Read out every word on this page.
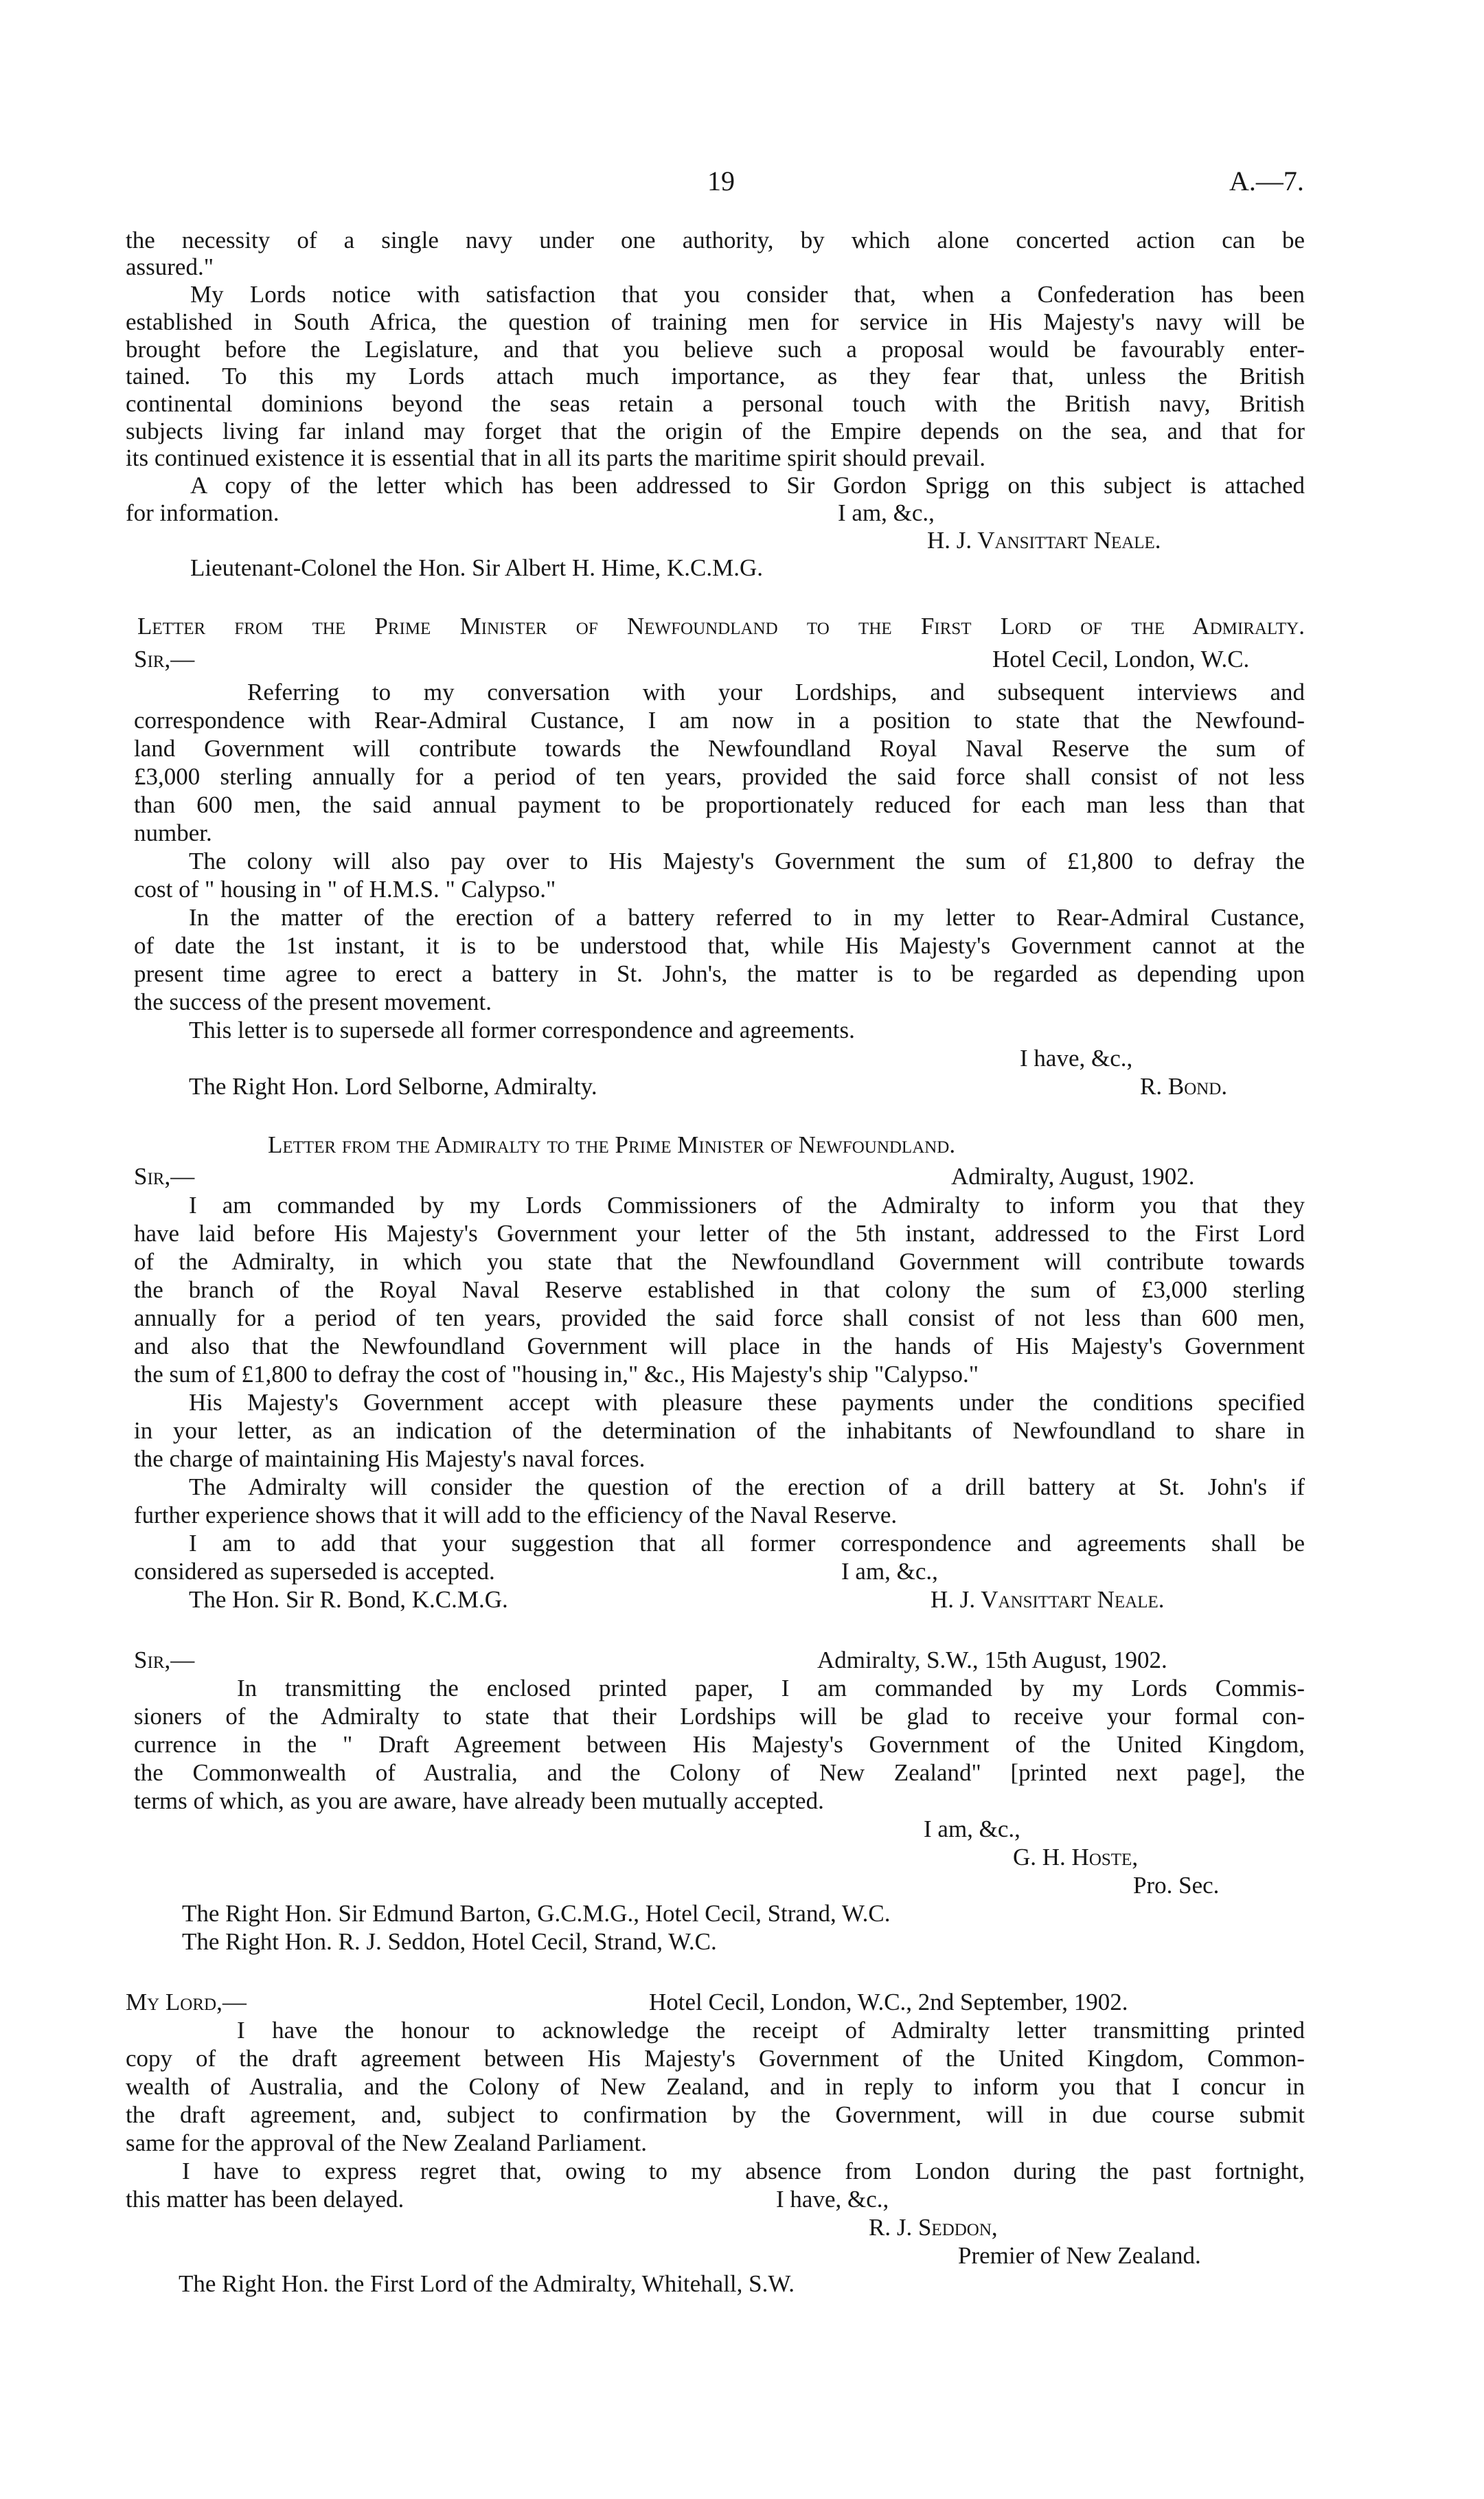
19	A.—7.
the necessity of a single navy under one authority, by which alone concerted action can be
assured."
My Lords notice with satisfaction that you consider that, when a Confederation has been
established in South Africa, the question of training men for service in His Majesty's navy will be
brought before the Legislature, and that you believe such a proposal would be favourably enter-
tained. To this my Lords attach much importance, as they fear that, unless the British
continental dominions beyond the seas retain a personal touch with the British navy, British
subjects living far inland may forget that the origin of the Empire depends on the sea, and that for
its continued existence it is essential that in all its parts the maritime spirit should prevail.
A copy of the letter which has been addressed to Sir Gordon Sprigg on this subject is attached
for information.	I am, &c.,
H. J. Vansittart Neale.
Lieutenant-Colonel the Hon. Sir Albert H. Hime, K.C.M.G.
Letter from the Prime Minister of Newfoundland to the First Lord of the Admiralty.
Sir,—	Hotel Cecil, London, W.C.
Referring to my conversation with your Lordships, and subsequent interviews and
correspondence with Rear-Admiral Custance, I am now in a position to state that the Newfound-
land Government will contribute towards the Newfoundland Royal Naval Reserve the sum of
£3,000 sterling annually for a period of ten years, provided the said force shall consist of not less
than 600 men, the said annual payment to be proportionately reduced for each man less than that
number.
The colony will also pay over to His Majesty's Government the sum of £1,800 to defray the
cost of " housing in " of H.M.S. " Calypso."
In the matter of the erection of a battery referred to in my letter to Rear-Admiral Custance,
of date the 1st instant, it is to be understood that, while His Majesty's Government cannot at the
present time agree to erect a battery in St. John's, the matter is to be regarded as depending upon
the success of the present movement.
This letter is to supersede all former correspondence and agreements.
I have, &c.,
The Right Hon. Lord Selborne, Admiralty.	R. Bond.
Letter from the Admiralty to the Prime Minister of Newfoundland.
Sir,—	Admiralty, August, 1902.
I am commanded by my Lords Commissioners of the Admiralty to inform you that they
have laid before His Majesty's Government your letter of the 5th instant, addressed to the First Lord
of the Admiralty, in which you state that the Newfoundland Government will contribute towards
the branch of the Royal Naval Reserve established in that colony the sum of £3,000 sterling
annually for a period of ten years, provided the said force shall consist of not less than 600 men,
and also that the Newfoundland Government will place in the hands of His Majesty's Government
the sum of £1,800 to defray the cost of "housing in," &c., His Majesty's ship "Calypso."
His Majesty's Government accept with pleasure these payments under the conditions specified
in your letter, as an indication of the determination of the inhabitants of Newfoundland to share in
the charge of maintaining His Majesty's naval forces.
The Admiralty will consider the question of the erection of a drill battery at St. John's if
further experience shows that it will add to the efficiency of the Naval Reserve.
I am to add that your suggestion that all former correspondence and agreements shall be
considered as superseded is accepted.	I am, &c.,
The Hon. Sir R. Bond, K.C.M.G.	H. J. Vansittart Neale.
Sir,—	Admiralty, S.W., 15th August, 1902.
In transmitting the enclosed printed paper, I am commanded by my Lords Commis-
sioners of the Admiralty to state that their Lordships will be glad to receive your formal con-
currence in the " Draft Agreement between His Majesty's Government of the United Kingdom,
the Commonwealth of Australia, and the Colony of New Zealand" [printed next page], the
terms of which, as you are aware, have already been mutually accepted.
I am, &c.,
G. H. Hoste,
Pro. Sec.
The Right Hon. Sir Edmund Barton, G.C.M.G., Hotel Cecil, Strand, W.C.
The Right Hon. R. J. Seddon, Hotel Cecil, Strand, W.C.
My Lord,—	Hotel Cecil, London, W.C., 2nd September, 1902.
I have the honour to acknowledge the receipt of Admiralty letter transmitting printed
copy of the draft agreement between His Majesty's Government of the United Kingdom, Common-
wealth of Australia, and the Colony of New Zealand, and in reply to inform you that I concur in
the draft agreement, and, subject to confirmation by the Government, will in due course submit
same for the approval of the New Zealand Parliament.
I have to express regret that, owing to my absence from London during the past fortnight,
this matter has been delayed.	I have, &c.,
R. J. Seddon,
Premier of New Zealand.
The Right Hon. the First Lord of the Admiralty, Whitehall, S.W.
